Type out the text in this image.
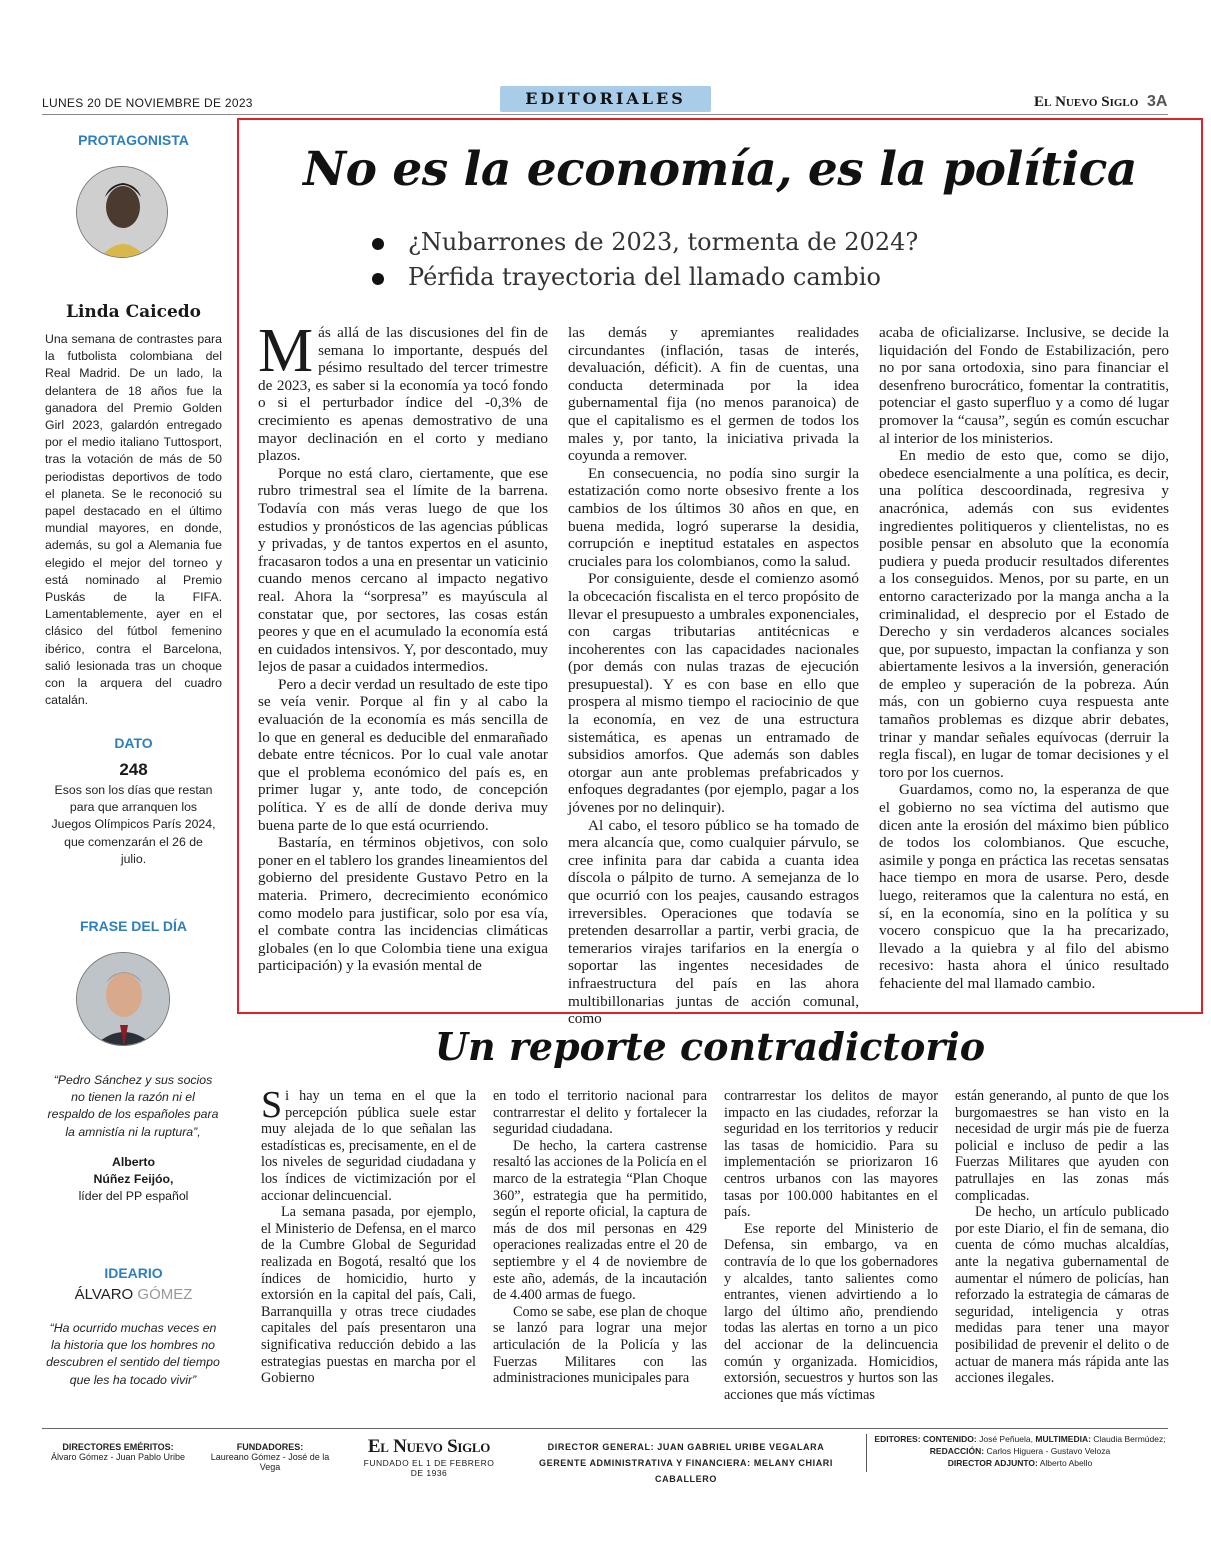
LUNES 20 DE NOVIEMBRE DE 2023	EDITORIALES	El Nuevo Siglo 3A
PROTAGONISTA
Linda Caicedo
Una semana de contrastes para la futbolista colombiana del Real Madrid. De un lado, la delantera de 18 años fue la ganadora del Premio Golden Girl 2023, galardón entregado por el medio italiano Tuttosport, tras la votación de más de 50 periodistas deportivos de todo el planeta. Se le reconoció su papel destacado en el último mundial mayores, en donde, además, su gol a Alemania fue elegido el mejor del torneo y está nominado al Premio Puskás de la FIFA. Lamentablemente, ayer en el clásico del fútbol femenino ibérico, contra el Barcelona, salió lesionada tras un choque con la arquera del cuadro catalán.
DATO
248
Esos son los días que restan para que arranquen los Juegos Olímpicos París 2024, que comenzarán el 26 de julio.
FRASE DEL DÍA
“Pedro Sánchez y sus socios no tienen la razón ni el respaldo de los españoles para la amnistía ni la ruptura”,
Alberto
Núñez Feijóo,
líder del PP español
IDEARIO
ÁLVARO GÓMEZ
“Ha ocurrido muchas veces en la historia que los hombres no descubren el sentido del tiempo que les ha tocado vivir”
No es la economía, es la política
¿Nubarrones de 2023, tormenta de 2024?
Pérfida trayectoria del llamado cambio

Más allá de las discusiones del fin de semana lo importante, después del pésimo resultado del tercer trimestre de 2023, es saber si la economía ya tocó fondo o si el perturbador índice del -0,3% de crecimiento es apenas demostrativo de una mayor declinación en el corto y mediano plazos.

Porque no está claro, ciertamente, que ese rubro trimestral sea el límite de la barrena. Todavía con más veras luego de que los estudios y pronósticos de las agencias públicas y privadas, y de tantos expertos en el asunto, fracasaron todos a una en presentar un vaticinio cuando menos cercano al impacto negativo real. Ahora la “sorpresa” es mayúscula al constatar que, por sectores, las cosas están peores y que en el acumulado la economía está en cuidados intensivos. Y, por descontado, muy lejos de pasar a cuidados intermedios.

Pero a decir verdad un resultado de este tipo se veía venir. Porque al fin y al cabo la evaluación de la economía es más sencilla de lo que en general es deducible del enmarañado debate entre técnicos. Por lo cual vale anotar que el problema económico del país es, en primer lugar y, ante todo, de concepción política. Y es de allí de donde deriva muy buena parte de lo que está ocurriendo.

Bastaría, en términos objetivos, con solo poner en el tablero los grandes lineamientos del gobierno del presidente Gustavo Petro en la materia. Primero, decrecimiento económico como modelo para justificar, solo por esa vía, el combate contra las incidencias climáticas globales (en lo que Colombia tiene una exigua participación) y la evasión mental de

las demás y apremiantes realidades circundantes (inflación, tasas de interés, devaluación, déficit). A fin de cuentas, una conducta determinada por la idea gubernamental fija (no menos paranoica) de que el capitalismo es el germen de todos los males y, por tanto, la iniciativa privada la coyunda a remover.

En consecuencia, no podía sino surgir la estatización como norte obsesivo frente a los cambios de los últimos 30 años en que, en buena medida, logró superarse la desidia, corrupción e ineptitud estatales en aspectos cruciales para los colombianos, como la salud.

Por consiguiente, desde el comienzo asomó la obcecación fiscalista en el terco propósito de llevar el presupuesto a umbrales exponenciales, con cargas tributarias antitécnicas e incoherentes con las capacidades nacionales (por demás con nulas trazas de ejecución presupuestal). Y es con base en ello que prospera al mismo tiempo el raciocinio de que la economía, en vez de una estructura sistemática, es apenas un entramado de subsidios amorfos. Que además son dables otorgar aun ante problemas prefabricados y enfoques degradantes (por ejemplo, pagar a los jóvenes por no delinquir).

Al cabo, el tesoro público se ha tomado de mera alcancía que, como cualquier párvulo, se cree infinita para dar cabida a cuanta idea díscola o pálpito de turno. A semejanza de lo que ocurrió con los peajes, causando estragos irreversibles. Operaciones que todavía se pretenden desarrollar a partir, verbi gracia, de temerarios virajes tarifarios en la energía o soportar las ingentes necesidades de infraestructura del país en las ahora multibillonarias juntas de acción comunal, como

acaba de oficializarse. Inclusive, se decide la liquidación del Fondo de Estabilización, pero no por sana ortodoxia, sino para financiar el desenfreno burocrático, fomentar la contratitis, potenciar el gasto superfluo y a como dé lugar promover la “causa”, según es común escuchar al interior de los ministerios.

En medio de esto que, como se dijo, obedece esencialmente a una política, es decir, una política descoordinada, regresiva y anacrónica, además con sus evidentes ingredientes politiqueros y clientelistas, no es posible pensar en absoluto que la economía pudiera y pueda producir resultados diferentes a los conseguidos. Menos, por su parte, en un entorno caracterizado por la manga ancha a la criminalidad, el desprecio por el Estado de Derecho y sin verdaderos alcances sociales que, por supuesto, impactan la confianza y son abiertamente lesivos a la inversión, generación de empleo y superación de la pobreza. Aún más, con un gobierno cuya respuesta ante tamaños problemas es dizque abrir debates, trinar y mandar señales equívocas (derruir la regla fiscal), en lugar de tomar decisiones y el toro por los cuernos.

Guardamos, como no, la esperanza de que el gobierno no sea víctima del autismo que dicen ante la erosión del máximo bien público de todos los colombianos. Que escuche, asimile y ponga en práctica las recetas sensatas hace tiempo en mora de usarse. Pero, desde luego, reiteramos que la calentura no está, en sí, en la economía, sino en la política y su vocero conspicuo que la ha precarizado, llevado a la quiebra y al filo del abismo recesivo: hasta ahora el único resultado fehaciente del mal llamado cambio.

Un reporte contradictorio

Si hay un tema en el que la percepción pública suele estar muy alejada de lo que señalan las estadísticas es, precisamente, en el de los niveles de seguridad ciudadana y los índices de victimización por el accionar delincuencial.

La semana pasada, por ejemplo, el Ministerio de Defensa, en el marco de la Cumbre Global de Seguridad realizada en Bogotá, resaltó que los índices de homicidio, hurto y extorsión en la capital del país, Cali, Barranquilla y otras trece ciudades capitales del país presentaron una significativa reducción debido a las estrategias puestas en marcha por el Gobierno

en todo el territorio nacional para contrarrestar el delito y fortalecer la seguridad ciudadana.

De hecho, la cartera castrense resaltó las acciones de la Policía en el marco de la estrategia “Plan Choque 360”, estrategia que ha permitido, según el reporte oficial, la captura de más de dos mil personas en 429 operaciones realizadas entre el 20 de septiembre y el 4 de noviembre de este año, además, de la incautación de 4.400 armas de fuego.

Como se sabe, ese plan de choque se lanzó para lograr una mejor articulación de la Policía y las Fuerzas Militares con las administraciones municipales para

contrarrestar los delitos de mayor impacto en las ciudades, reforzar la seguridad en los territorios y reducir las tasas de homicidio. Para su implementación se priorizaron 16 centros urbanos con las mayores tasas por 100.000 habitantes en el país.

Ese reporte del Ministerio de Defensa, sin embargo, va en contravía de lo que los gobernadores y alcaldes, tanto salientes como entrantes, vienen advirtiendo a lo largo del último año, prendiendo todas las alertas en torno a un pico del accionar de la delincuencia común y organizada. Homicidios, extorsión, secuestros y hurtos son las acciones que más víctimas

están generando, al punto de que los burgomaestres se han visto en la necesidad de urgir más pie de fuerza policial e incluso de pedir a las Fuerzas Militares que ayuden con patrullajes en las zonas más complicadas.

De hecho, un artículo publicado por este Diario, el fin de semana, dio cuenta de cómo muchas alcaldías, ante la negativa gubernamental de aumentar el número de policías, han reforzado la estrategia de cámaras de seguridad, inteligencia y otras medidas para tener una mayor posibilidad de prevenir el delito o de actuar de manera más rápida ante las acciones ilegales.

DIRECTORES EMÉRITOS:
Álvaro Gómez - Juan Pablo Uribe
FUNDADORES:
Laureano Gómez - José de la Vega
El Nuevo Siglo
FUNDADO EL 1 DE FEBRERO DE 1936
DIRECTOR GENERAL: JUAN GABRIEL URIBE VEGALARA
GERENTE ADMINISTRATIVA Y FINANCIERA: MELANY CHIARI CABALLERO
EDITORES: CONTENIDO: José Peñuela, MULTIMEDIA: Claudia Bermúdez;
REDACCIÓN: Carlos Higuera - Gustavo Veloza
DIRECTOR ADJUNTO: Alberto Abello
